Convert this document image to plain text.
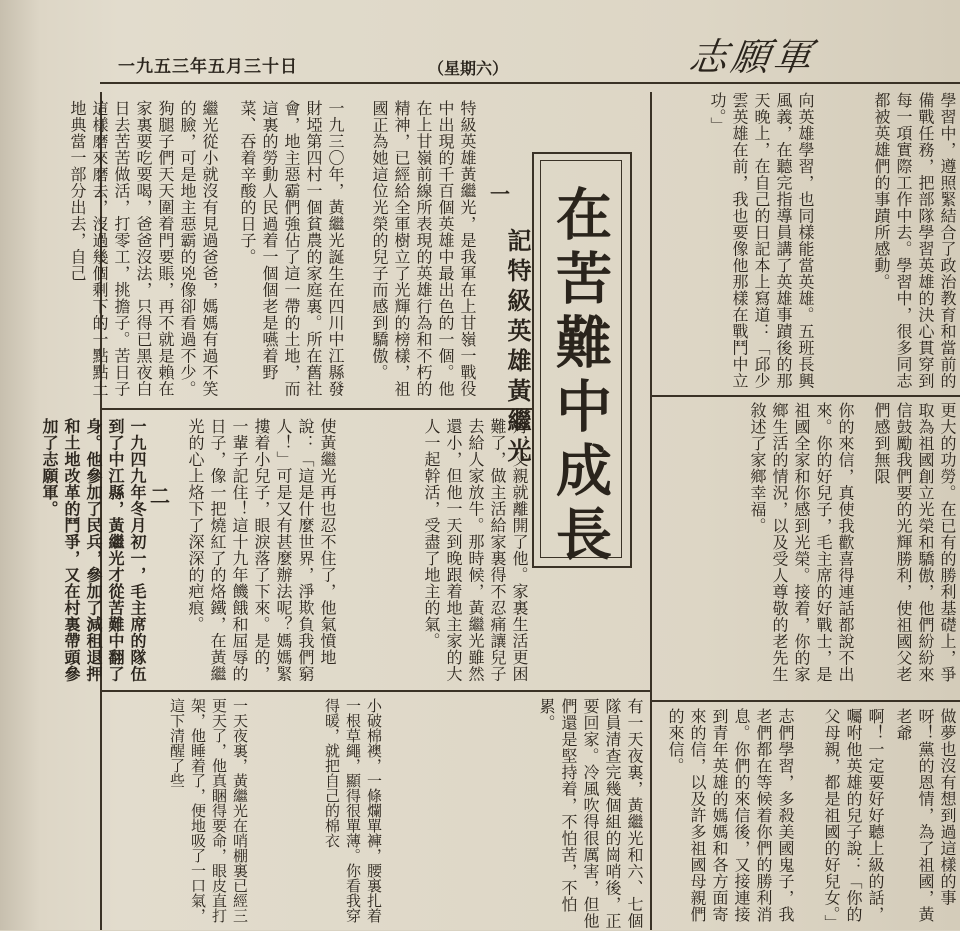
一九五三年五月三十日	（星期六）	志願軍
在苦難中成長
記特級英雄黃繼光
一
二
特級英雄黃繼光，是我軍在上甘嶺一戰役中出現的千百個英雄中最出色的一個。他在上甘嶺前線所表現的英雄行為和不朽的精神，已經給全軍樹立了光輝的榜樣，祖國正為她這位光榮的兒子而感到驕傲。
一九三〇年，黃繼光誕生在四川中江縣發財埡第四村一個貧農的家庭裏。所在舊社會，地主惡霸們強佔了這一帶的土地，而這裏的勞動人民過着一個個老是嚥着野菜、吞着辛酸的日子。
繼光從小就沒有見過爸爸，媽媽有過不笑的臉，可是地主惡霸的兇像卻看過不少。狗腿子們天天圍着門要賬，再不就是賴在家裏要吃要喝，爸爸沒法，只得已黑夜白日去苦苦做活，打零工，挑擔子。苦日子這樣磨來磨去，沒過幾個剩下的一點點土地典當一部分出去，自己
月，父親就離開了他。家裏生活更困難了，做主活給家裏得不忍痛讓兒子去給人家放牛。那時候，黃繼光雖然還小，但他一天到晚跟着地主家的大人一起幹活，受盡了地主的氣。
使黃繼光再也忍不住了，他氣憤地說：「這是什麼世界，淨欺負我們窮人！」可是又有甚麼辦法呢？媽媽緊摟着小兒子，眼淚落了下來。是的，一輩子記住！這十九年饑餓和屈辱的日子，像一把燒紅了的烙鐵，在黃繼光的心上烙下了深深的疤痕。
一九四九年冬月初一，毛主席的隊伍到了中江縣，黃繼光才從苦難中翻了身。他參加了民兵，參加了減租退押和土地改革的鬥爭，又在村裏帶頭參加了志願軍。
有一天夜裏，黃繼光和六、七個隊員清查完幾個組的崗哨後，正要回家。冷風吹得很厲害，但他們還是堅持着，不怕苦，不怕累。
小破棉襖，一條爛單褲，腰裏扎着一根草繩，顯得很單薄。你看我穿得暖，就把自己的棉衣
一天夜裏，黃繼光在哨棚裏已經三更天了，他真睏得要命，眼皮直打架，他睡着了，便地吸了一口氣，這下清醒了些
學習中，遵照緊結合了政治教育和當前的備戰任務，把部隊學習英雄的決心貫穿到每一項實際工作中去。學習中，很多同志都被英雄們的事蹟所感動。
向英雄學習，也同樣能當英雄。五班長興風義，在聽完指導員講了英雄事蹟後的那天晚上，在自己的日記本上寫道：「邱少雲英雄在前，我也要像他那樣在戰鬥中立功。」
更大的功勞。在已有的勝利基礎上，爭取為祖國創立光榮和驕傲，他們紛紛來信鼓勵我們要的光輝勝利，使祖國父老們感到無限
你的來信，真使我歡喜得連話都說不出來。你的好兒子，毛主席的好戰士，是祖國全家和你感到光榮。接着，你的家鄉生活的情況，以及受人尊敬的老先生敘述了家鄉幸福。
做夢也沒有想到過這樣的事呀！黨的恩情，為了祖國，黃老爺
啊！一定要好好聽上級的話，囑咐他英雄的兒子說：「你的父母親，都是祖國的好兒女。」
志們學習，多殺美國鬼子，我老們都在等候着你們的勝利消息。你們的來信後，又接連接到青年英雄的媽媽和各方面寄來的信，以及許多祖國母親們的來信。
